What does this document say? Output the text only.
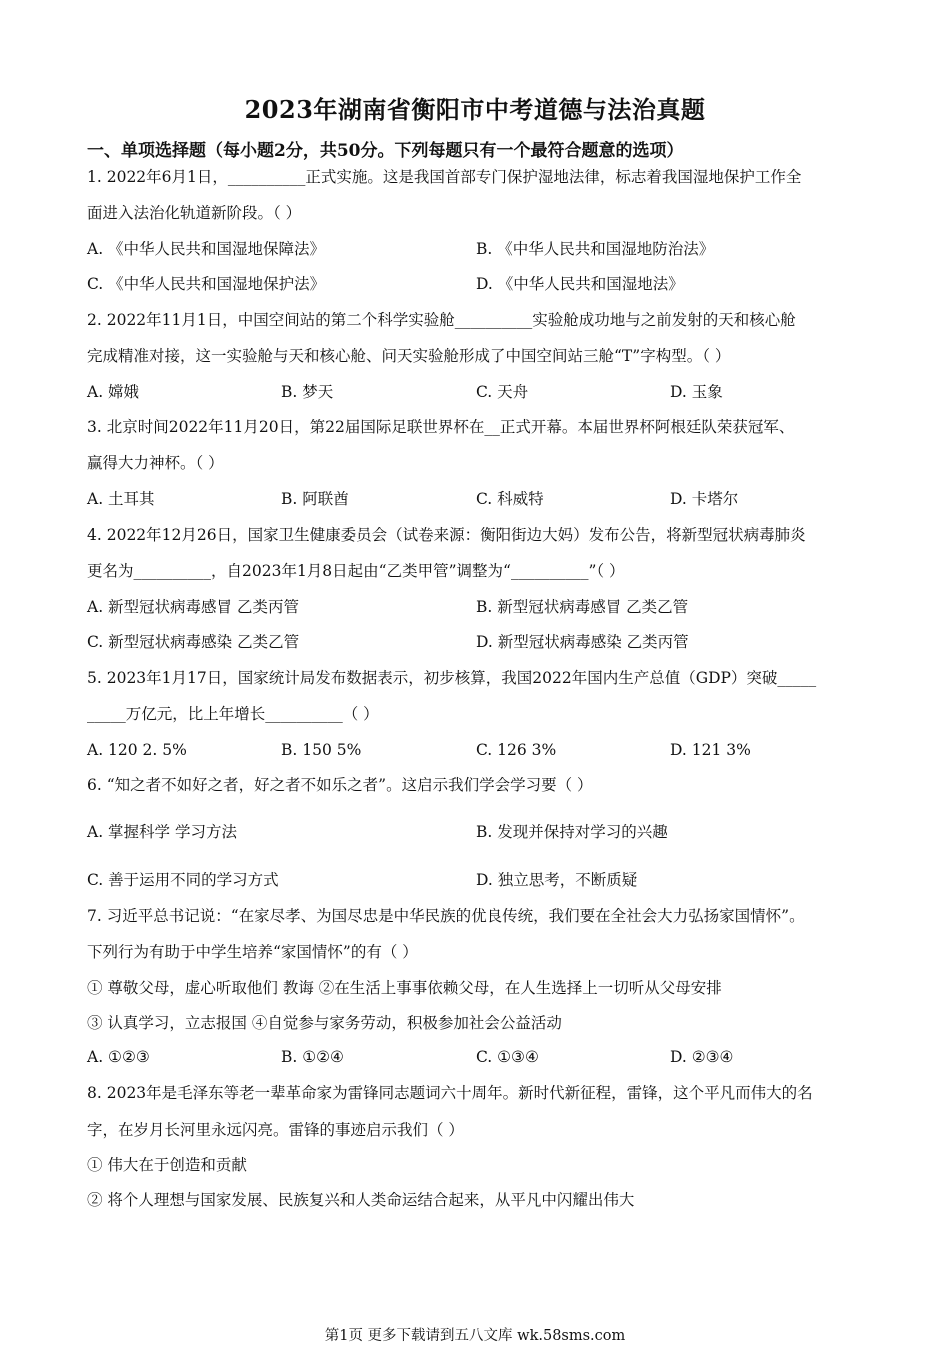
2023年湖南省衡阳市中考道德与法治真题
一、单项选择题（每小题2分，共50分。下列每题只有一个最符合题意的选项）
1. 2022年6月1日，__________正式实施。这是我国首部专门保护湿地法律，标志着我国湿地保护工作全
面进入法治化轨道新阶段。（ ）
A. 《中华人民共和国湿地保障法》	B. 《中华人民共和国湿地防治法》
C. 《中华人民共和国湿地保护法》	D. 《中华人民共和国湿地法》
2. 2022年11月1日，中国空间站的第二个科学实验舱__________实验舱成功地与之前发射的天和核心舱
完成精准对接，这一实验舱与天和核心舱、问天实验舱形成了中国空间站三舱“T”字构型。（ ）
A. 嫦娥	B. 梦天	C. 天舟	D. 玉象
3. 北京时间2022年11月20日，第22届国际足联世界杯在__正式开幕。本届世界杯阿根廷队荣获冠军、
赢得大力神杯。（ ）
A. 土耳其	B. 阿联酋	C. 科威特	D. 卡塔尔
4. 2022年12月26日，国家卫生健康委员会（试卷来源：衡阳街边大妈）发布公告，将新型冠状病毒肺炎
更名为__________，自2023年1月8日起由“乙类甲管”调整为“__________”（ ）
A. 新型冠状病毒感冒 乙类丙管	B. 新型冠状病毒感冒 乙类乙管
C. 新型冠状病毒感染 乙类乙管	D. 新型冠状病毒感染 乙类丙管
5. 2023年1月17日，国家统计局发布数据表示，初步核算，我国2022年国内生产总值（GDP）突破_____
_____万亿元，比上年增长__________（ ）
A. 120 2. 5%	B. 150 5%	C. 126 3%	D. 121 3%
6. “知之者不如好之者，好之者不如乐之者”。这启示我们学会学习要（ ）
A. 掌握科学 学习方法	B. 发现并保持对学习的兴趣
C. 善于运用不同的学习方式	D. 独立思考，不断质疑
7. 习近平总书记说：“在家尽孝、为国尽忠是中华民族的优良传统，我们要在全社会大力弘扬家国情怀”。
下列行为有助于中学生培养“家国情怀”的有（ ）
① 尊敬父母，虚心听取他们 教诲 ②在生活上事事依赖父母，在人生选择上一切听从父母安排
③ 认真学习，立志报国 ④自觉参与家务劳动，积极参加社会公益活动
A. ①②③	B. ①②④	C. ①③④	D. ②③④
8. 2023年是毛泽东等老一辈革命家为雷锋同志题词六十周年。新时代新征程，雷锋，这个平凡而伟大的名
字，在岁月长河里永远闪亮。雷锋的事迹启示我们（ ）
① 伟大在于创造和贡献
② 将个人理想与国家发展、民族复兴和人类命运结合起来，从平凡中闪耀出伟大
第1页 更多下载请到五八文库 wk.58sms.com
